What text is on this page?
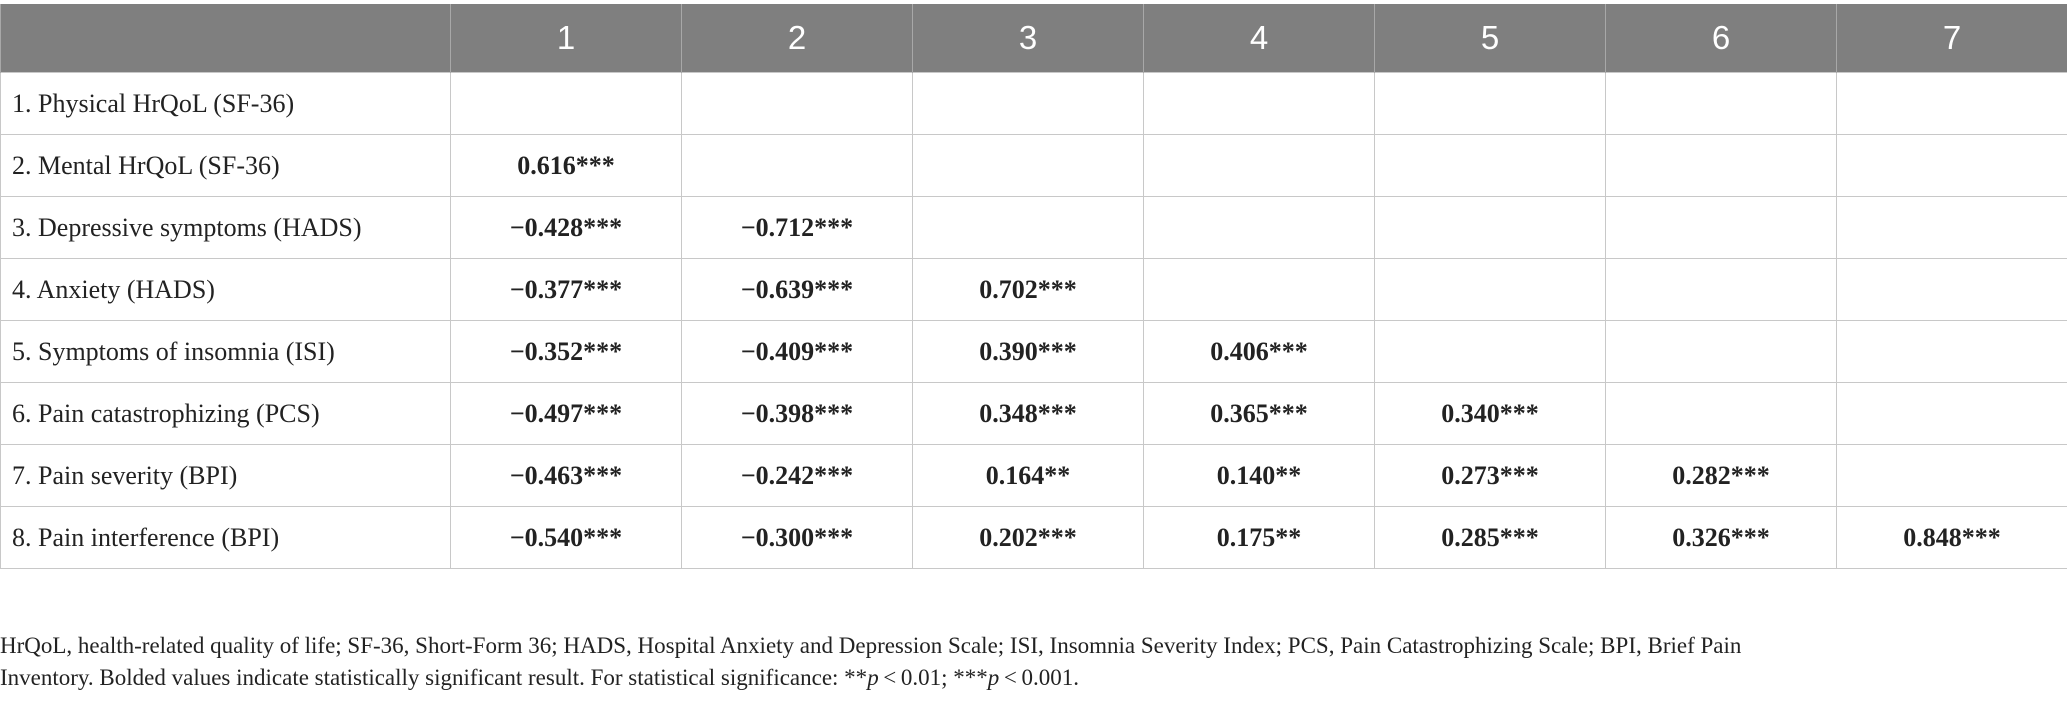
	1	2	3	4	5	6	7
1. Physical HrQoL (SF-36)							
2. Mental HrQoL (SF-36)	0.616***						
3. Depressive symptoms (HADS)	−0.428***	−0.712***					
4. Anxiety (HADS)	−0.377***	−0.639***	0.702***				
5. Symptoms of insomnia (ISI)	−0.352***	−0.409***	0.390***	0.406***			
6. Pain catastrophizing (PCS)	−0.497***	−0.398***	0.348***	0.365***	0.340***		
7. Pain severity (BPI)	−0.463***	−0.242***	0.164**	0.140**	0.273***	0.282***	
8. Pain interference (BPI)	−0.540***	−0.300***	0.202***	0.175**	0.285***	0.326***	0.848***
HrQoL, health-related quality of life; SF-36, Short-Form 36; HADS, Hospital Anxiety and Depression Scale; ISI, Insomnia Severity Index; PCS, Pain Catastrophizing Scale; BPI, Brief Pain
Inventory. Bolded values indicate statistically significant result. For statistical significance: **p < 0.01; ***p < 0.001.
